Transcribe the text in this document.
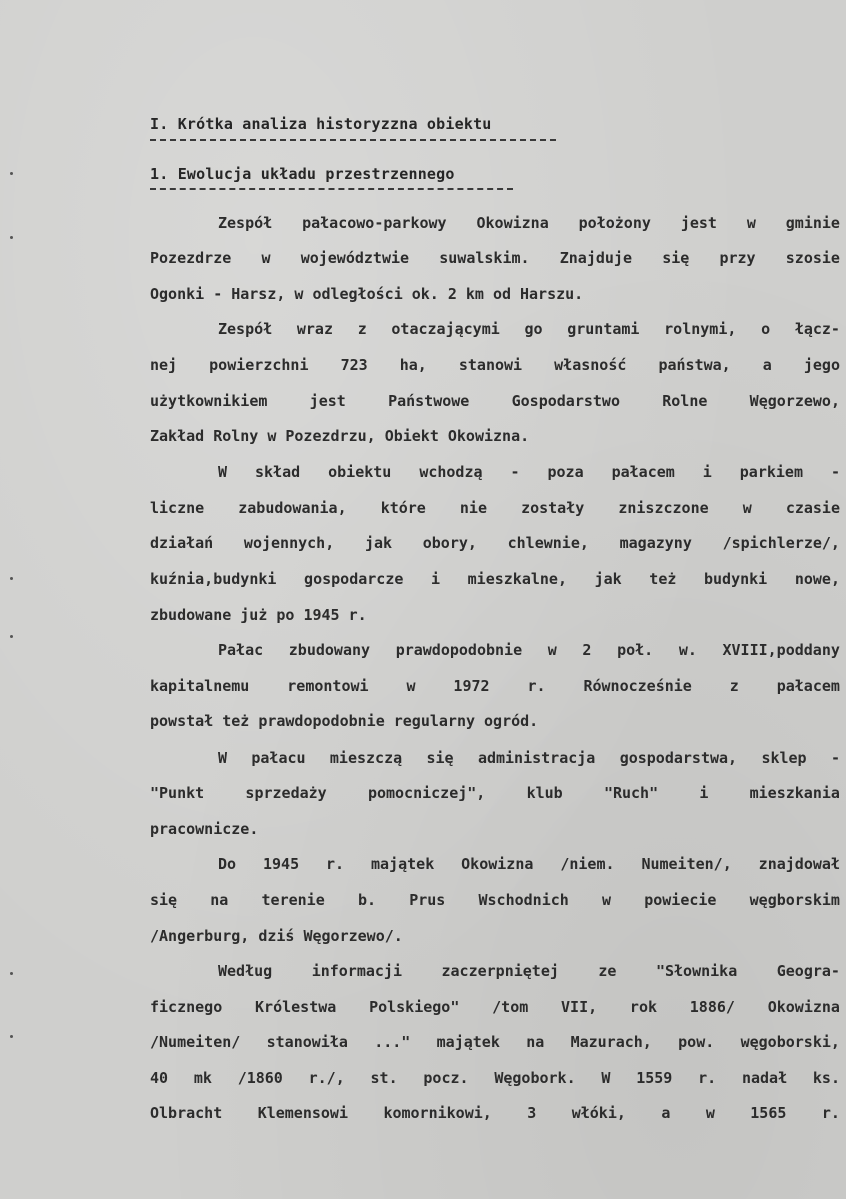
I. Krótka analiza historyzzna obiektu
1. Ewolucja układu przestrzennego
Zespół pałacowo-parkowy Okowizna położony jest w gminie
Pozezdrze w województwie suwalskim. Znajduje się przy szosie
Ogonki - Harsz, w odległości ok. 2 km od Harszu.
Zespół wraz z otaczającymi go gruntami rolnymi, o łącz-
nej powierzchni 723 ha, stanowi własność państwa, a jego
użytkownikiem	jest	Państwowe	Gospodarstwo	Rolne	Węgorzewo,
Zakład Rolny w Pozezdrzu, Obiekt Okowizna.
W skład obiektu wchodzą - poza pałacem i parkiem -
liczne zabudowania, które nie zostały zniszczone w czasie
działań wojennych, jak obory, chlewnie, magazyny /spichlerze/,
kuźnia,budynki gospodarcze i mieszkalne, jak też budynki nowe,
zbudowane już po 1945 r.
Pałac zbudowany prawdopodobnie w 2 poł. w. XVIII,poddany
kapitalnemu	remontowi	w	1972	r.	Równocześnie	z	pałacem
powstał też prawdopodobnie regularny ogród.
W pałacu mieszczą się administracja gospodarstwa, sklep -
"Punkt	sprzedaży	pomocniczej",	klub	"Ruch"	i	mieszkania
pracownicze.
Do 1945 r. majątek Okowizna /niem. Numeiten/, znajdował
się na terenie b. Prus Wschodnich w powiecie węgborskim
/Angerburg, dziś Węgorzewo/.
Według	informacji	zaczerpniętej	ze	"Słownika	Geogra-
ficznego Królestwa Polskiego" /tom VII, rok 1886/ Okowizna
/Numeiten/ stanowiła ..." majątek na Mazurach, pow. węgoborski,
40 mk /1860 r./, st. pocz. Węgobork. W 1559 r. nadał ks.
Olbracht Klemensowi komornikowi, 3 włóki, a w 1565 r.
